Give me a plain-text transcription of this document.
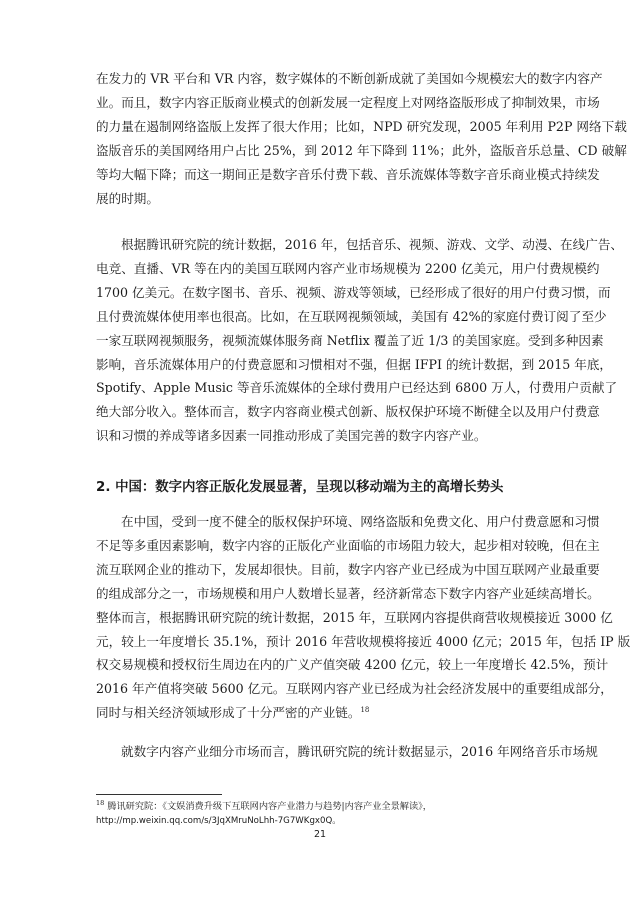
在发力的 VR 平台和 VR 内容，数字媒体的不断创新成就了美国如今规模宏大的数字内容产
业。而且，数字内容正版商业模式的创新发展一定程度上对网络盗版形成了抑制效果，市场
的力量在遏制网络盗版上发挥了很大作用；比如，NPD 研究发现，2005 年利用 P2P 网络下载
盗版音乐的美国网络用户占比 25%，到 2012 年下降到 11%；此外，盗版音乐总量、CD 破解
等均大幅下降；而这一期间正是数字音乐付费下载、音乐流媒体等数字音乐商业模式持续发
展的时期。
根据腾讯研究院的统计数据，2016 年，包括音乐、视频、游戏、文学、动漫、在线广告、
电竞、直播、VR 等在内的美国互联网内容产业市场规模为 2200 亿美元，用户付费规模约
1700 亿美元。在数字图书、音乐、视频、游戏等领域，已经形成了很好的用户付费习惯，而
且付费流媒体使用率也很高。比如，在互联网视频领域，美国有 42%的家庭付费订阅了至少
一家互联网视频服务，视频流媒体服务商 Netflix 覆盖了近 1/3 的美国家庭。受到多种因素
影响，音乐流媒体用户的付费意愿和习惯相对不强，但据 IFPI 的统计数据，到 2015 年底，
Spotify、Apple Music 等音乐流媒体的全球付费用户已经达到 6800 万人，付费用户贡献了
绝大部分收入。整体而言，数字内容商业模式创新、版权保护环境不断健全以及用户付费意
识和习惯的养成等诸多因素一同推动形成了美国完善的数字内容产业。
2. 中国：数字内容正版化发展显著，呈现以移动端为主的高增长势头
在中国，受到一度不健全的版权保护环境、网络盗版和免费文化、用户付费意愿和习惯
不足等多重因素影响，数字内容的正版化产业面临的市场阻力较大，起步相对较晚，但在主
流互联网企业的推动下，发展却很快。目前，数字内容产业已经成为中国互联网产业最重要
的组成部分之一，市场规模和用户人数增长显著，经济新常态下数字内容产业延续高增长。
整体而言，根据腾讯研究院的统计数据，2015 年，互联网内容提供商营收规模接近 3000 亿
元，较上一年度增长 35.1%，预计 2016 年营收规模将接近 4000 亿元；2015 年，包括 IP 版
权交易规模和授权衍生周边在内的广义产值突破 4200 亿元，较上一年度增长 42.5%，预计
2016 年产值将突破 5600 亿元。互联网内容产业已经成为社会经济发展中的重要组成部分，
同时与相关经济领域形成了十分严密的产业链。$^{18}$
就数字内容产业细分市场而言，腾讯研究院的统计数据显示，2016 年网络音乐市场规
$^{18}$ 腾讯研究院：《文娱消费升级下互联网内容产业潜力与趋势|内容产业全景解读》，
http://mp.weixin.qq.com/s/3JqXMruNoLhh-7G7WKgx0Q。
21
